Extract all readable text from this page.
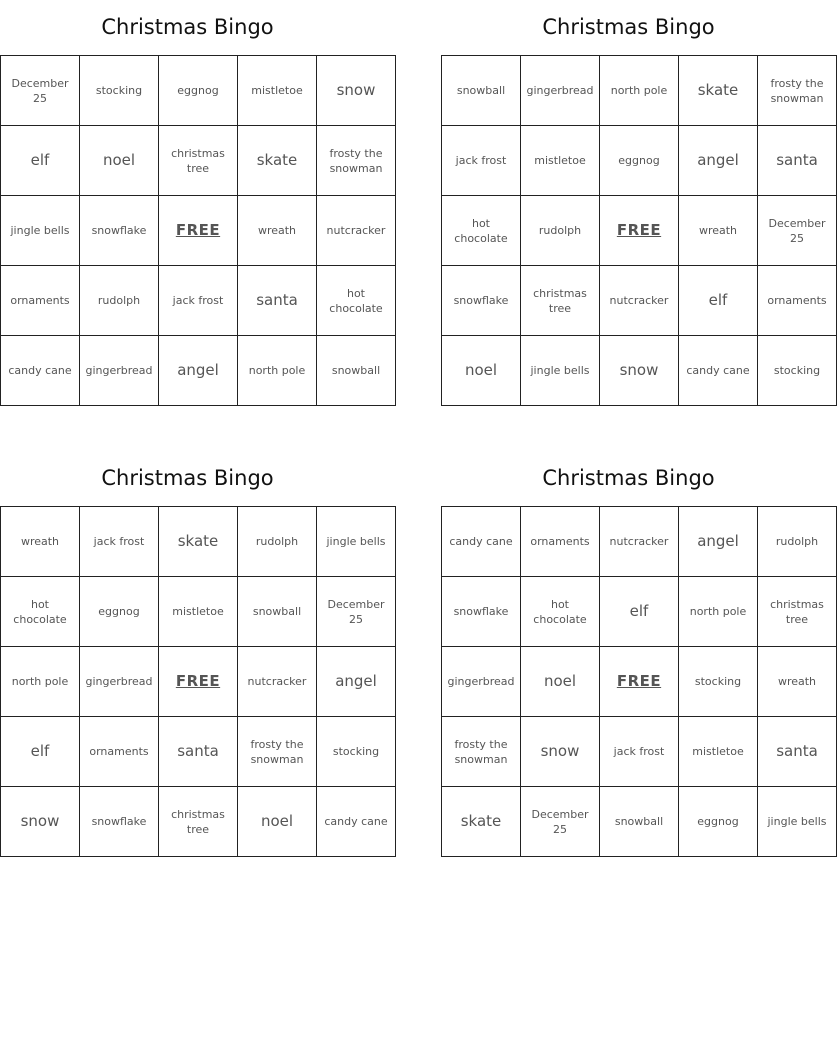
Christmas Bingo
December 25	stocking	eggnog	mistletoe	snow
elf	noel	christmas tree	skate	frosty the snowman
jingle bells	snowflake	FREE	wreath	nutcracker
ornaments	rudolph	jack frost	santa	hot chocolate
candy cane	gingerbread	angel	north pole	snowball
Christmas Bingo
snowball	gingerbread	north pole	skate	frosty the snowman
jack frost	mistletoe	eggnog	angel	santa
hot chocolate	rudolph	FREE	wreath	December 25
snowflake	christmas tree	nutcracker	elf	ornaments
noel	jingle bells	snow	candy cane	stocking
Christmas Bingo
wreath	jack frost	skate	rudolph	jingle bells
hot chocolate	eggnog	mistletoe	snowball	December 25
north pole	gingerbread	FREE	nutcracker	angel
elf	ornaments	santa	frosty the snowman	stocking
snow	snowflake	christmas tree	noel	candy cane
Christmas Bingo
candy cane	ornaments	nutcracker	angel	rudolph
snowflake	hot chocolate	elf	north pole	christmas tree
gingerbread	noel	FREE	stocking	wreath
frosty the snowman	snow	jack frost	mistletoe	santa
skate	December 25	snowball	eggnog	jingle bells
